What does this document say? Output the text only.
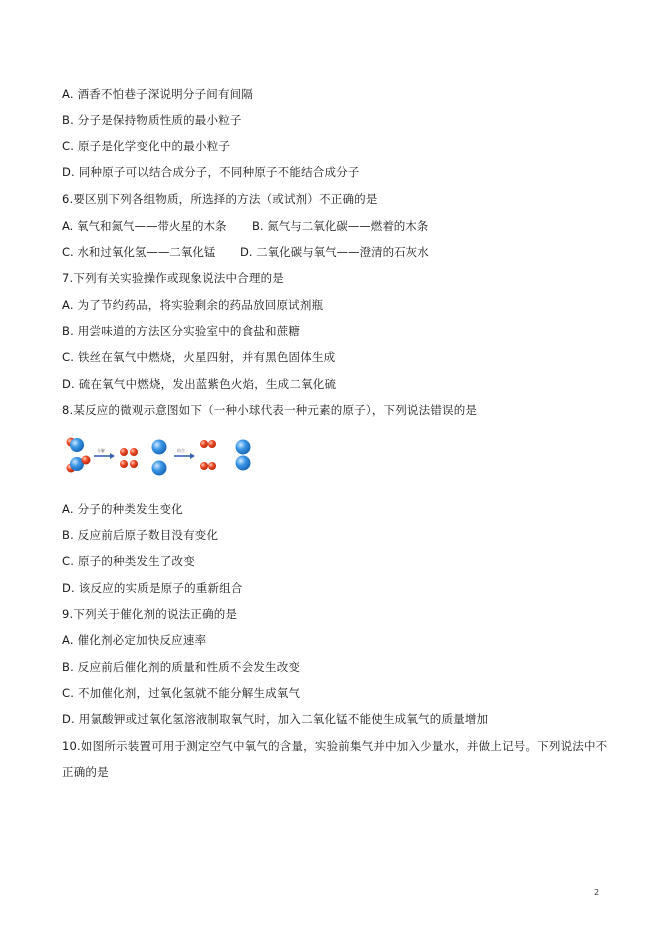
A. 酒香不怕巷子深说明分子间有间隔
B. 分子是保持物质性质的最小粒子
C. 原子是化学变化中的最小粒子
D. 同种原子可以结合成分子，不同种原子不能结合成分子
6.要区别下列各组物质，所选择的方法（或试剂）不正确的是
A. 氧气和氮气——带火星的木条 B. 氮气与二氧化碳——燃着的木条
C. 水和过氧化氢——二氧化锰 D. 二氧化碳与氧气——澄清的石灰水
7.下列有关实验操作或现象说法中合理的是
A. 为了节约药品，将实验剩余的药品放回原试剂瓶
B. 用尝味道的方法区分实验室中的食盐和蔗糖
C. 铁丝在氧气中燃烧，火星四射，并有黑色固体生成
D. 硫在氧气中燃烧，发出蓝紫色火焰，生成二氧化硫
8.某反应的微观示意图如下（一种小球代表一种元素的原子），下列说法错误的是
分解	结合
A. 分子的种类发生变化
B. 反应前后原子数目没有变化
C. 原子的种类发生了改变
D. 该反应的实质是原子的重新组合
9.下列关于催化剂的说法正确的是
A. 催化剂必定加快反应速率
B. 反应前后催化剂的质量和性质不会发生改变
C. 不加催化剂，过氧化氢就不能分解生成氧气
D. 用氯酸钾或过氧化氢溶液制取氧气时，加入二氧化锰不能使生成氧气的质量增加
10.如图所示装置可用于测定空气中氧气的含量，实验前集气并中加入少量水，并做上记号。下列说法中不
正确的是
2
